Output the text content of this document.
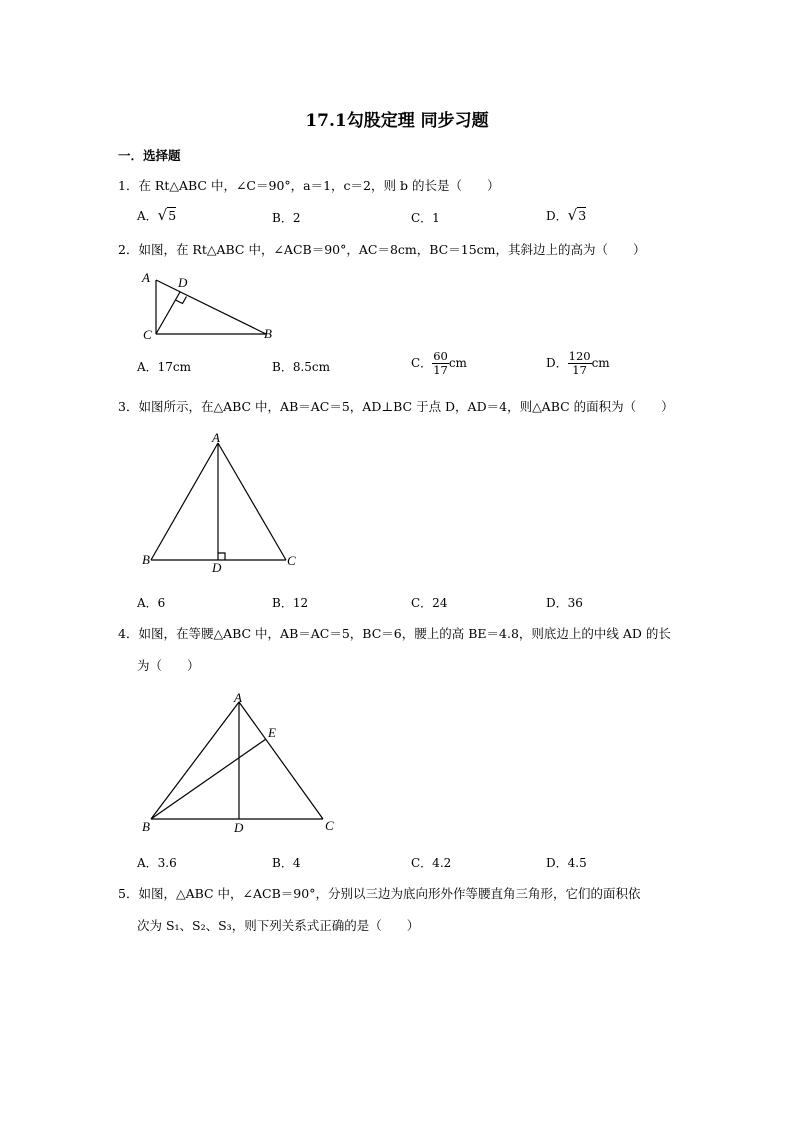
17.1勾股定理 同步习题
一．选择题
1．在 Rt△ABC 中，∠C＝90°，a＝1，c＝2，则 b 的长是（　　）
A．√5	B．2	C．1	D．√3
2．如图，在 Rt△ABC 中，∠ACB＝90°，AC＝8cm，BC＝15cm，其斜边上的高为（　　）
A D
C	B
A．17cm	B．8.5cm	C． $\frac{60}{17}$ cm	D． $\frac{120}{17}$ cm
3．如图所示，在△ABC 中，AB＝AC＝5，AD⊥BC 于点 D，AD＝4，则△ABC 的面积为（　　）
A
B
D	C
A．6	B．12	C．24	D．36
4．如图，在等腰△ABC 中，AB＝AC＝5，BC＝6，腰上的高 BE＝4.8，则底边上的中线 AD 的长
为（　　）
A
E
B	D	C
A．3.6	B．4	C．4.2	D．4.5
5．如图，△ABC 中，∠ACB＝90°，分别以三边为底向形外作等腰直角三角形，它们的面积依
次为 S₁、S₂、S₃，则下列关系式正确的是（　　）
